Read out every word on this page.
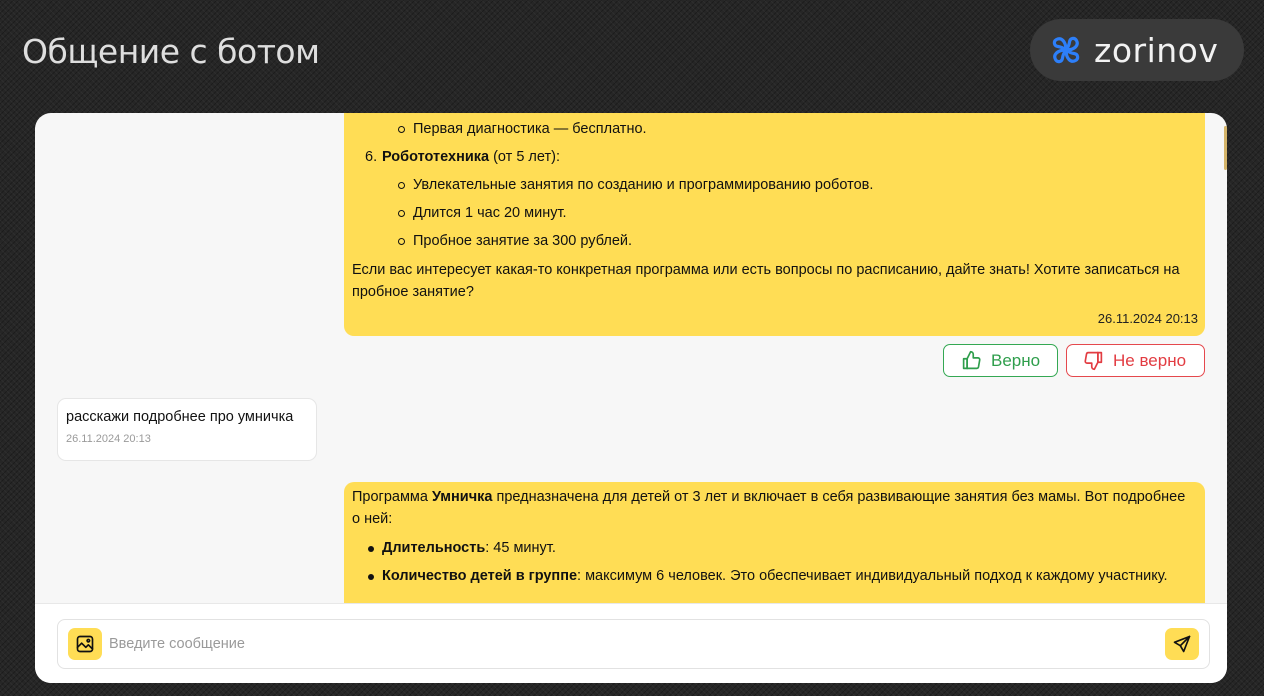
Общение с ботом	zorinov
Первая диагностика — бесплатно.
6. Робототехника (от 5 лет):
Увлекательные занятия по созданию и программированию роботов.
Длится 1 час 20 минут.
Пробное занятие за 300 рублей.
Если вас интересует какая-то конкретная программа или есть вопросы по расписанию, дайте знать! Хотите записаться на пробное занятие?
26.11.2024 20:13
Верно	Не верно
расскажи подробнее про умничка
26.11.2024 20:13
Программа Умничка предназначена для детей от 3 лет и включает в себя развивающие занятия без мамы. Вот подробнее о ней:
Длительность: 45 минут.
Количество детей в группе: максимум 6 человек. Это обеспечивает индивидуальный подход к каждому участнику.
Введите сообщение
